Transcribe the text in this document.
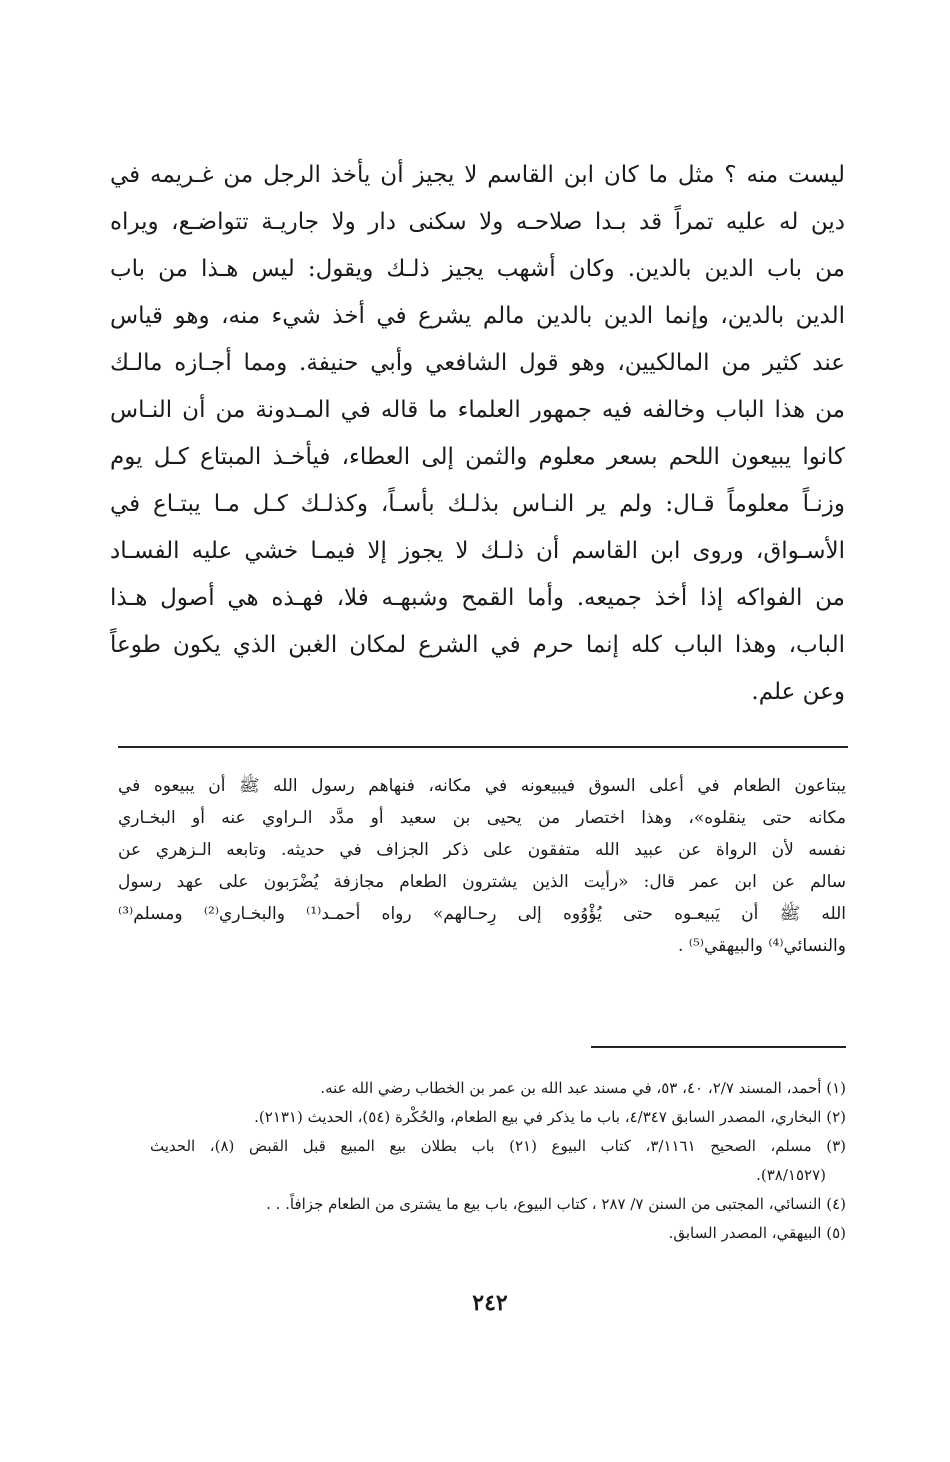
ليست منه ؟ مثل ما كان ابن القاسم لا يجيز أن يأخذ الرجل من غـريمه في
دين له عليه تمراً قد بـدا صلاحـه ولا سكنى دار ولا جاريـة تتواضـع، ويراه
من باب الدين بالدين. وكان أشهب يجيز ذلـك ويقول: ليس هـذا من باب
الدين بالدين، وإنما الدين بالدين مالم يشرع في أخذ شيء منه، وهو قياس
عند كثير من المالكيين، وهو قول الشافعي وأبي حنيفة. ومما أجـازه مالـك
من هذا الباب وخالفه فيه جمهور العلماء ما قاله في المـدونة من أن النـاس
كانوا يبيعون اللحم بسعر معلوم والثمن إلى العطاء، فيأخـذ المبتاع كـل يوم
وزنـاً معلوماً قـال: ولم ير النـاس بذلـك بأسـاً، وكذلـك كـل مـا يبتـاع في
الأسـواق، وروى ابن القاسم أن ذلـك لا يجوز إلا فيمـا خشي عليه الفسـاد
من الفواكه إذا أخذ جميعه. وأما القمح وشبهـه فلا، فهـذه هي أصول هـذا
الباب، وهذا الباب كله إنما حرم في الشرع لمكان الغبن الذي يكون طوعاً
وعن علم.
يبتاعون الطعام في أعلى السوق فيبيعونه في مكانه، فنهاهم رسول الله ﷺ أن يبيعوه في
مكانه حتى ينقلوه»، وهذا اختصار من يحيى بن سعيد أو مدَّد الـراوي عنه أو البخـاري
نفسه لأن الرواة عن عبيد الله متفقون على ذكر الجزاف في حديثه. وتابعه الـزهري عن
سالم عن ابن عمر قال: «رأيت الذين يشترون الطعام مجازفة يُضْرَبون على عهد رسول
الله ﷺ أن يَبيعـوه حتى يُؤْوُوه إلى رِحـالهم» رواه أحمـد⁽¹⁾ والبخـاري⁽²⁾ ومسلم⁽³⁾
والنسائي⁽⁴⁾ والبيهقي⁽⁵⁾ .
(١) أحمد، المسند ٢/٧، ٤٠، ٥٣، في مسند عبد الله بن عمر بن الخطاب رضي الله عنه.
(٢) البخاري، المصدر السابق ٤/٣٤٧، باب ما يذكر في بيع الطعام، والحُكْرة (٥٤)، الحديث (٢١٣١).
(٣) مسلم، الصحيح ٣/١١٦١، كتاب البيوع (٢١) باب بطلان بيع المبيع قبل القبض (٨)، الحديث
(٣٨/١٥٢٧).
(٤) النسائي، المجتبى من السنن ٧/ ٢٨٧ ، كتاب البيوع، باب بيع ما يشترى من الطعام جزافاً. . .
(٥) البيهقي، المصدر السابق.
٢٤٢
